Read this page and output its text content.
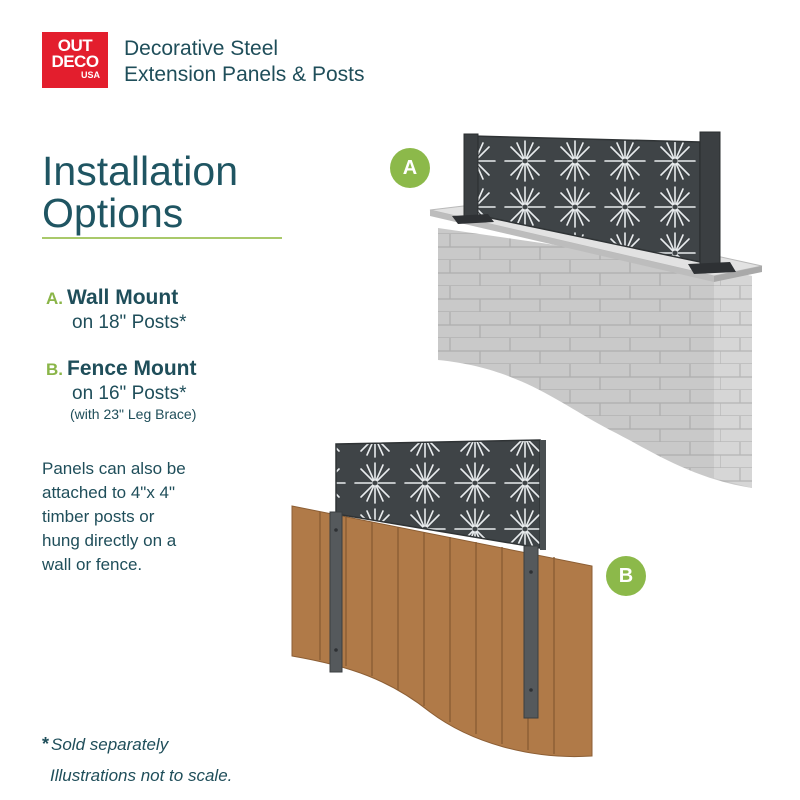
OUT
DECO
USA
Decorative Steel
Extension Panels & Posts
Installation
Options
A. Wall Mount
on 18" Posts*
B. Fence Mount
on 16" Posts*
(with 23" Leg Brace)
Panels can also be
attached to 4"x 4"
timber posts or
hung directly on a
wall or fence.
* Sold separately
Illustrations not to scale.
A
B
